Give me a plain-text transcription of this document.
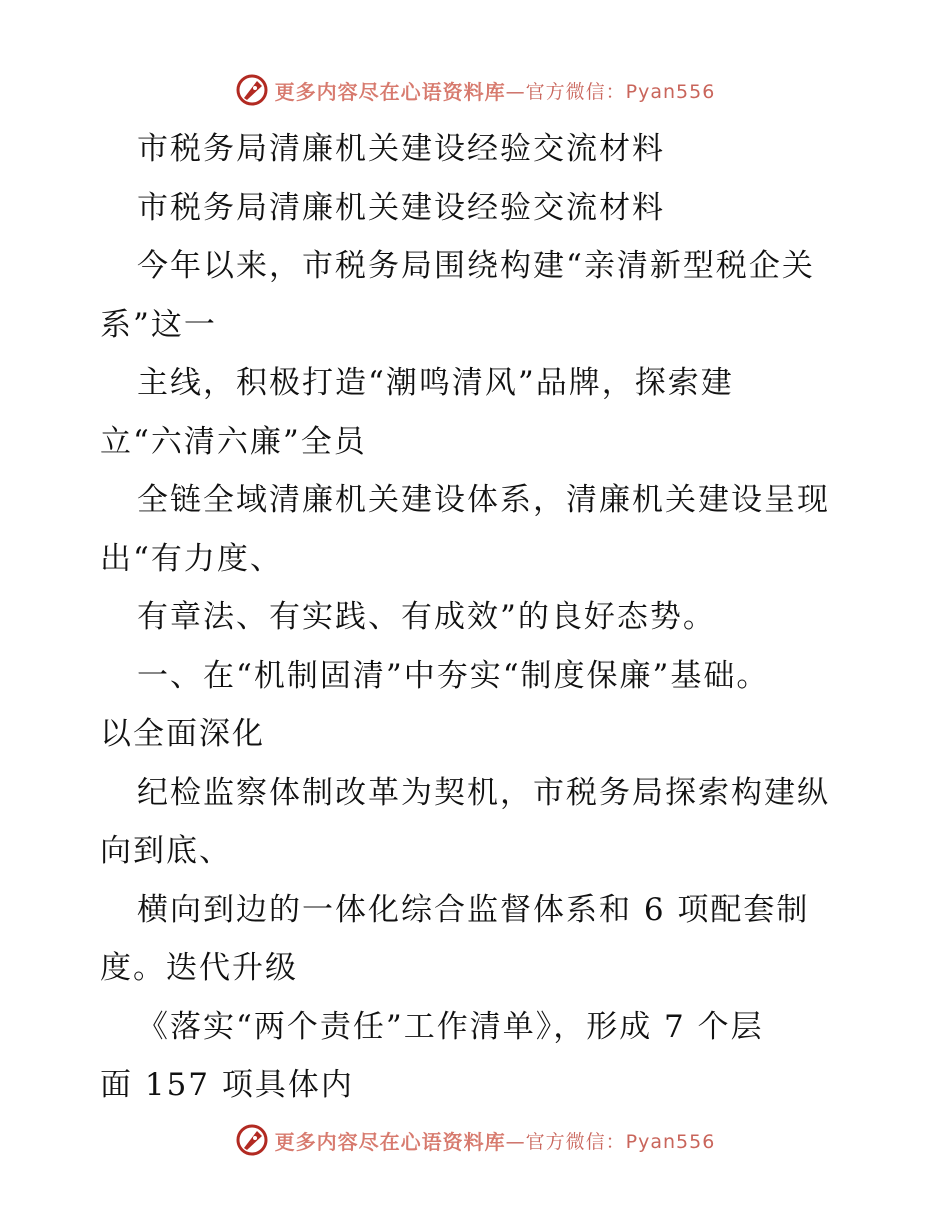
更多内容尽在心语资料库 —官方微信：Pyan556
市税务局清廉机关建设经验交流材料
市税务局清廉机关建设经验交流材料
今年以来，市税务局围绕构建“亲清新型税企关
系”这一
主线，积极打造“潮鸣清风”品牌，探索建
立“六清六廉”全员
全链全域清廉机关建设体系，清廉机关建设呈现
出“有力度、
有章法、有实践、有成效”的良好态势。
一、在“机制固清”中夯实“制度保廉”基础。
以全面深化
纪检监察体制改革为契机，市税务局探索构建纵
向到底、
横向到边的一体化综合监督体系和 6 项配套制
度。迭代升级
《落实“两个责任”工作清单》，形成 7 个层
面 157 项具体内
更多内容尽在心语资料库 —官方微信：Pyan556
